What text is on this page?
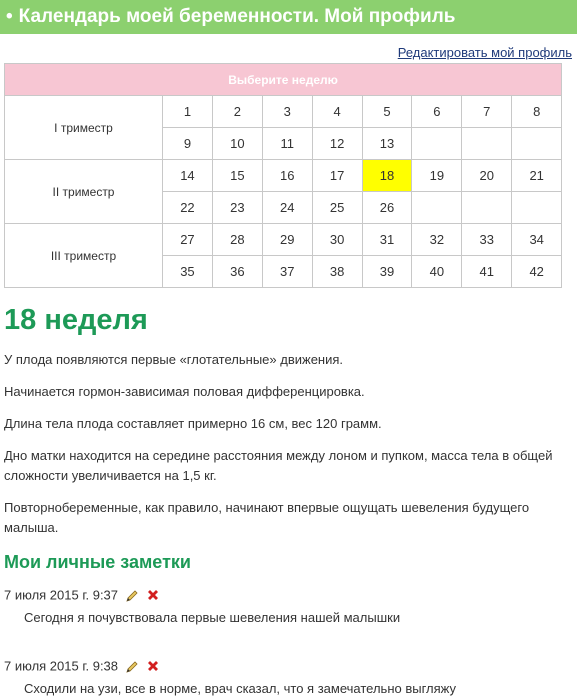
• Календарь моей беременности. Мой профиль
Редактировать мой профиль
Выберите неделю								
I триместр	1	2	3	4	5	6	7	8
	9	10	11	12	13			
II триместр	14	15	16	17	18	19	20	21
	22	23	24	25	26			
III триместр	27	28	29	30	31	32	33	34
	35	36	37	38	39	40	41	42
18 неделя

У плода появляются первые «глотательные» движения.

Начинается гормон-зависимая половая дифференцировка.

Длина тела плода составляет примерно 16 см, вес 120 грамм.

Дно матки находится на середине расстояния между лоном и пупком, масса тела в общей сложности увеличивается на 1,5 кг.

Повторнобеременные, как правило, начинают впервые ощущать шевеления будущего малыша.

Мои личные заметки
7 июля 2015 г. 9:37
Сегодня я почувствовала первые шевеления нашей малышки
7 июля 2015 г. 9:38
Сходили на узи, все в норме, врач сказал, что я замечательно выгляжу
